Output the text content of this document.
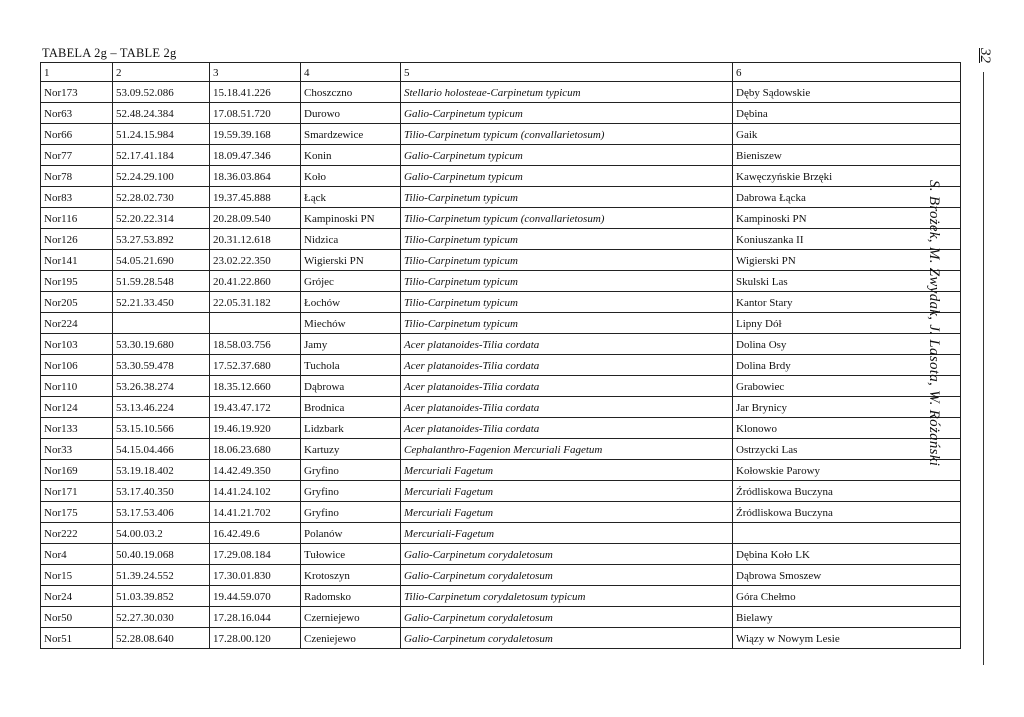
TABELA 2g – TABLE 2g
1	2	3	4	5	6
Nor173	53.09.52.086	15.18.41.226	Choszczno	Stellario holosteae-Carpinetum typicum	Dęby Sądowskie
Nor63	52.48.24.384	17.08.51.720	Durowo	Galio-Carpinetum typicum	Dębina
Nor66	51.24.15.984	19.59.39.168	Smardzewice	Tilio-Carpinetum typicum (convallarietosum)	Gaik
Nor77	52.17.41.184	18.09.47.346	Konin	Galio-Carpinetum typicum	Bieniszew
Nor78	52.24.29.100	18.36.03.864	Koło	Galio-Carpinetum typicum	Kawęczyńskie Brzęki
Nor83	52.28.02.730	19.37.45.888	Łąck	Tilio-Carpinetum typicum	Dabrowa Łącka
Nor116	52.20.22.314	20.28.09.540	Kampinoski PN	Tilio-Carpinetum typicum (convallarietosum)	Kampinoski PN
Nor126	53.27.53.892	20.31.12.618	Nidzica	Tilio-Carpinetum typicum	Koniuszanka II
Nor141	54.05.21.690	23.02.22.350	Wigierski PN	Tilio-Carpinetum typicum	Wigierski PN
Nor195	51.59.28.548	20.41.22.860	Grójec	Tilio-Carpinetum typicum	Skulski Las
Nor205	52.21.33.450	22.05.31.182	Łochów	Tilio-Carpinetum typicum	Kantor Stary
Nor224			Miechów	Tilio-Carpinetum typicum	Lipny Dół
Nor103	53.30.19.680	18.58.03.756	Jamy	Acer platanoides-Tilia cordata	Dolina Osy
Nor106	53.30.59.478	17.52.37.680	Tuchola	Acer platanoides-Tilia cordata	Dolina Brdy
Nor110	53.26.38.274	18.35.12.660	Dąbrowa	Acer platanoides-Tilia cordata	Grabowiec
Nor124	53.13.46.224	19.43.47.172	Brodnica	Acer platanoides-Tilia cordata	Jar Brynicy
Nor133	53.15.10.566	19.46.19.920	Lidzbark	Acer platanoides-Tilia cordata	Klonowo
Nor33	54.15.04.466	18.06.23.680	Kartuzy	Cephalanthro-Fagenion Mercuriali Fagetum	Ostrzycki Las
Nor169	53.19.18.402	14.42.49.350	Gryfino	Mercuriali Fagetum	Kołowskie Parowy
Nor171	53.17.40.350	14.41.24.102	Gryfino	Mercuriali Fagetum	Źródliskowa Buczyna
Nor175	53.17.53.406	14.41.21.702	Gryfino	Mercuriali Fagetum	Źródliskowa Buczyna
Nor222	54.00.03.2	16.42.49.6	Polanów	Mercuriali-Fagetum	
Nor4	50.40.19.068	17.29.08.184	Tułowice	Galio-Carpinetum corydaletosum	Dębina Koło LK
Nor15	51.39.24.552	17.30.01.830	Krotoszyn	Galio-Carpinetum corydaletosum	Dąbrowa Smoszew
Nor24	51.03.39.852	19.44.59.070	Radomsko	Tilio-Carpinetum corydaletosum typicum	Góra Chełmo
Nor50	52.27.30.030	17.28.16.044	Czerniejewo	Galio-Carpinetum corydaletosum	Bielawy
Nor51	52.28.08.640	17.28.00.120	Czeniejewo	Galio-Carpinetum corydaletosum	Wiązy w Nowym Lesie
32
S. Brożek, M. Zwydak, J. Lasota, W. Różański
